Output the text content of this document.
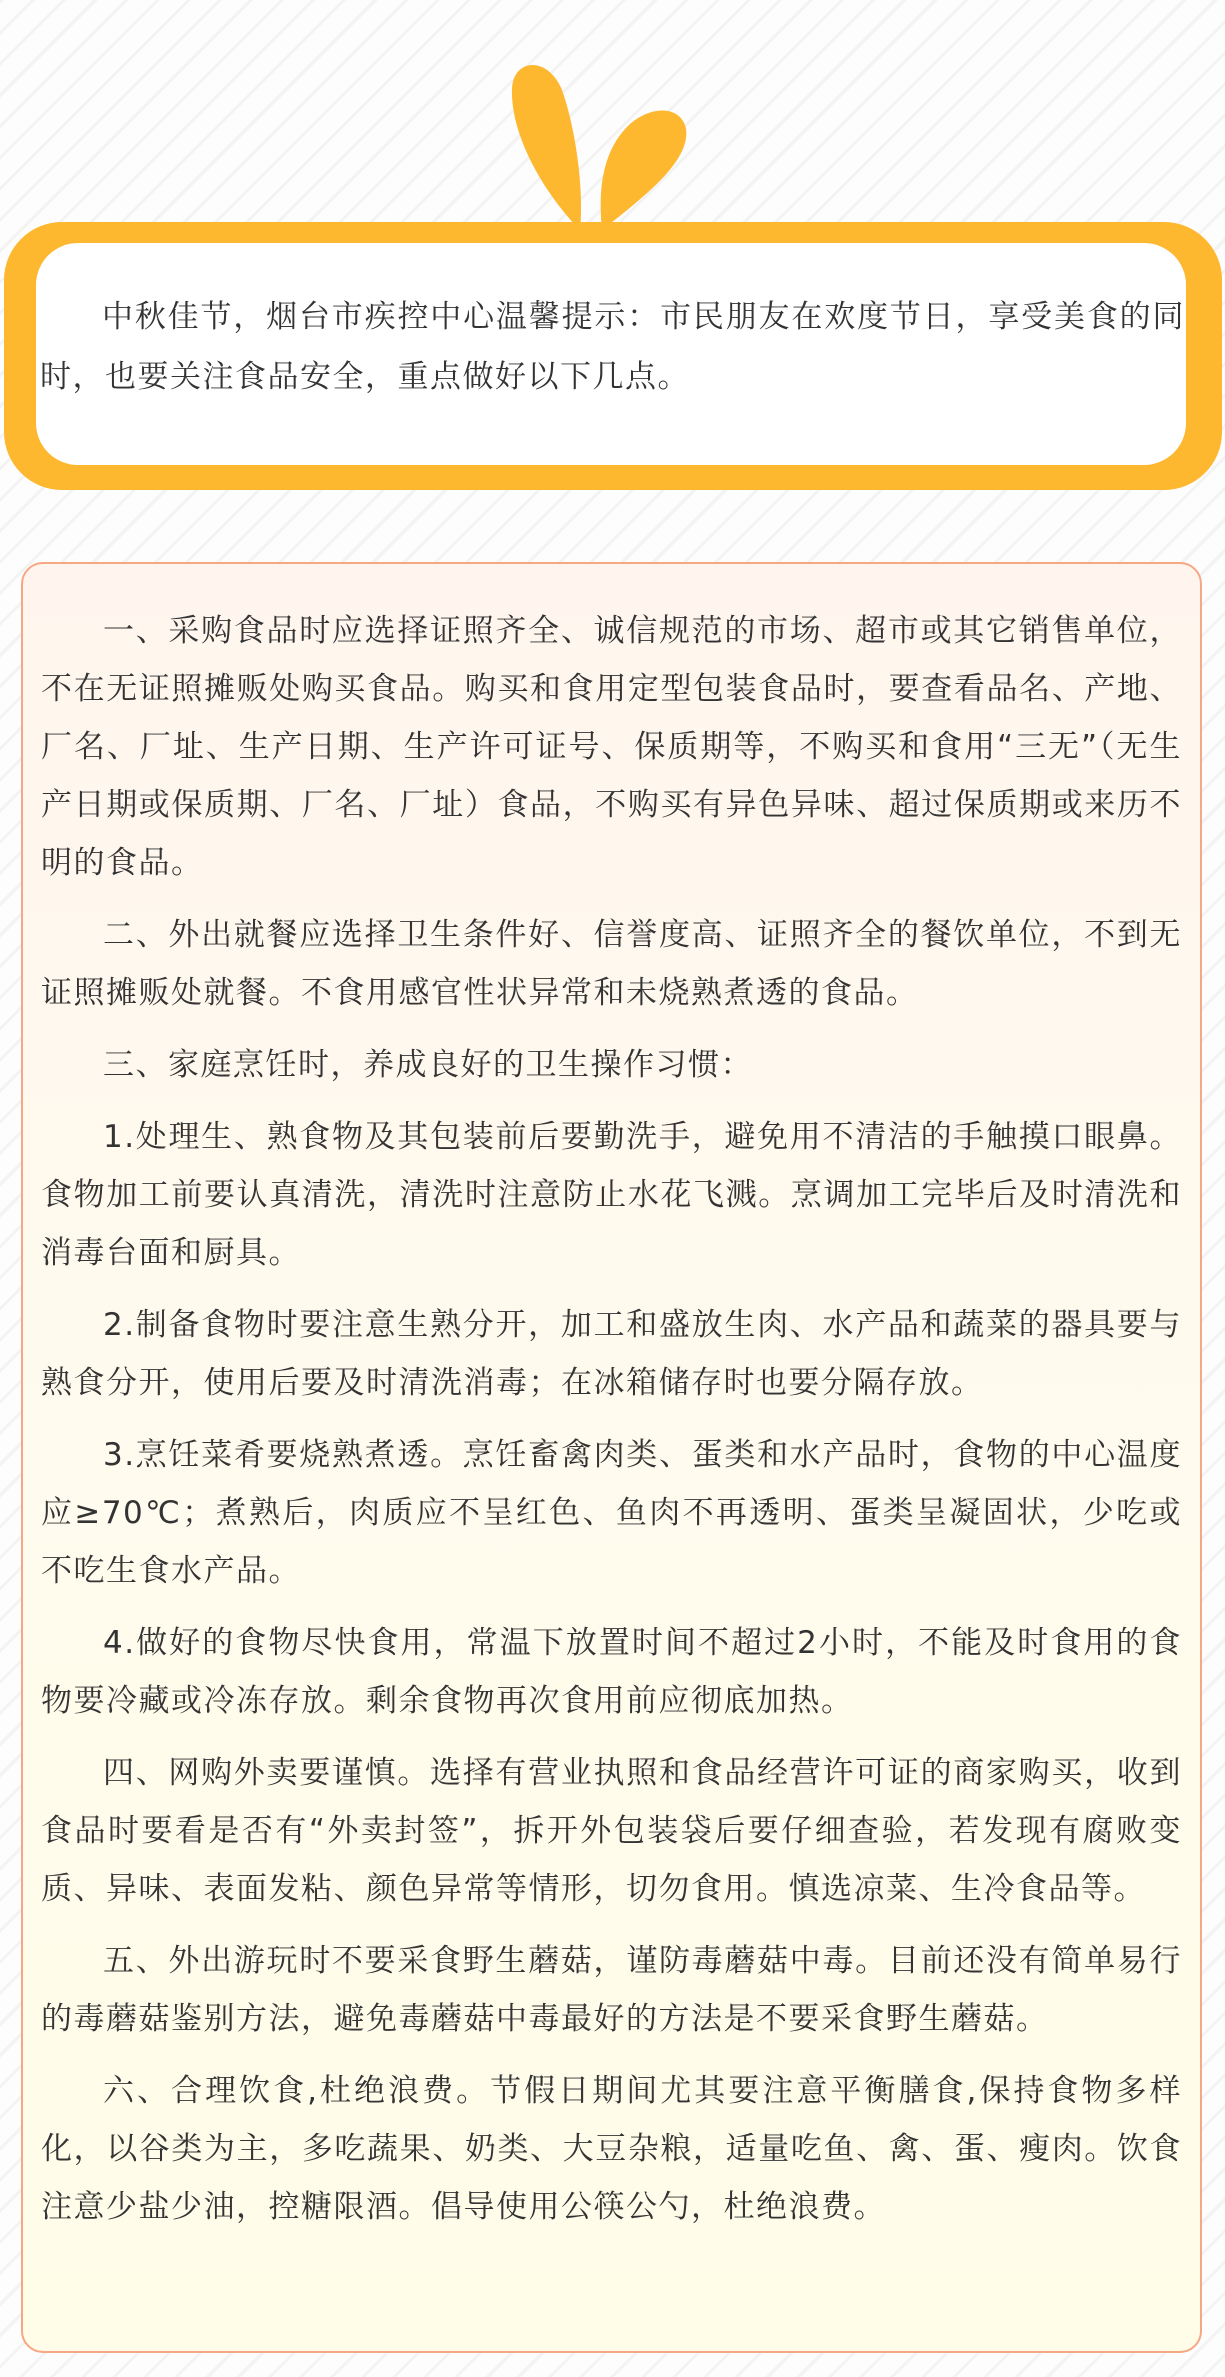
中秋佳节，烟台市疾控中心温馨提示：市民朋友在欢度节日，享受美食的同时，也要关注食品安全，重点做好以下几点。

一、采购食品时应选择证照齐全、诚信规范的市场、超市或其它销售单位，不在无证照摊贩处购买食品。购买和食用定型包装食品时，要查看品名、产地、厂名、厂址、生产日期、生产许可证号、保质期等，不购买和食用“三无”（无生产日期或保质期、厂名、厂址）食品，不购买有异色异味、超过保质期或来历不明的食品。

二、外出就餐应选择卫生条件好、信誉度高、证照齐全的餐饮单位，不到无证照摊贩处就餐。不食用感官性状异常和未烧熟煮透的食品。

三、家庭烹饪时，养成良好的卫生操作习惯：

1.处理生、熟食物及其包装前后要勤洗手，避免用不清洁的手触摸口眼鼻。食物加工前要认真清洗，清洗时注意防止水花飞溅。烹调加工完毕后及时清洗和消毒台面和厨具。

2.制备食物时要注意生熟分开，加工和盛放生肉、水产品和蔬菜的器具要与熟食分开，使用后要及时清洗消毒；在冰箱储存时也要分隔存放。

3.烹饪菜肴要烧熟煮透。烹饪畜禽肉类、蛋类和水产品时，食物的中心温度应≥70℃；煮熟后，肉质应不呈红色、鱼肉不再透明、蛋类呈凝固状，少吃或不吃生食水产品。

4.做好的食物尽快食用，常温下放置时间不超过2小时，不能及时食用的食物要冷藏或冷冻存放。剩余食物再次食用前应彻底加热。

四、网购外卖要谨慎。选择有营业执照和食品经营许可证的商家购买，收到食品时要看是否有“外卖封签”，拆开外包装袋后要仔细查验，若发现有腐败变质、异味、表面发粘、颜色异常等情形，切勿食用。慎选凉菜、生冷食品等。

五、外出游玩时不要采食野生蘑菇，谨防毒蘑菇中毒。目前还没有简单易行的毒蘑菇鉴别方法，避免毒蘑菇中毒最好的方法是不要采食野生蘑菇。

六、合理饮食,杜绝浪费。节假日期间尤其要注意平衡膳食,保持食物多样化，以谷类为主，多吃蔬果、奶类、大豆杂粮，适量吃鱼、禽、蛋、瘦肉。饮食注意少盐少油，控糖限酒。倡导使用公筷公勺，杜绝浪费。
